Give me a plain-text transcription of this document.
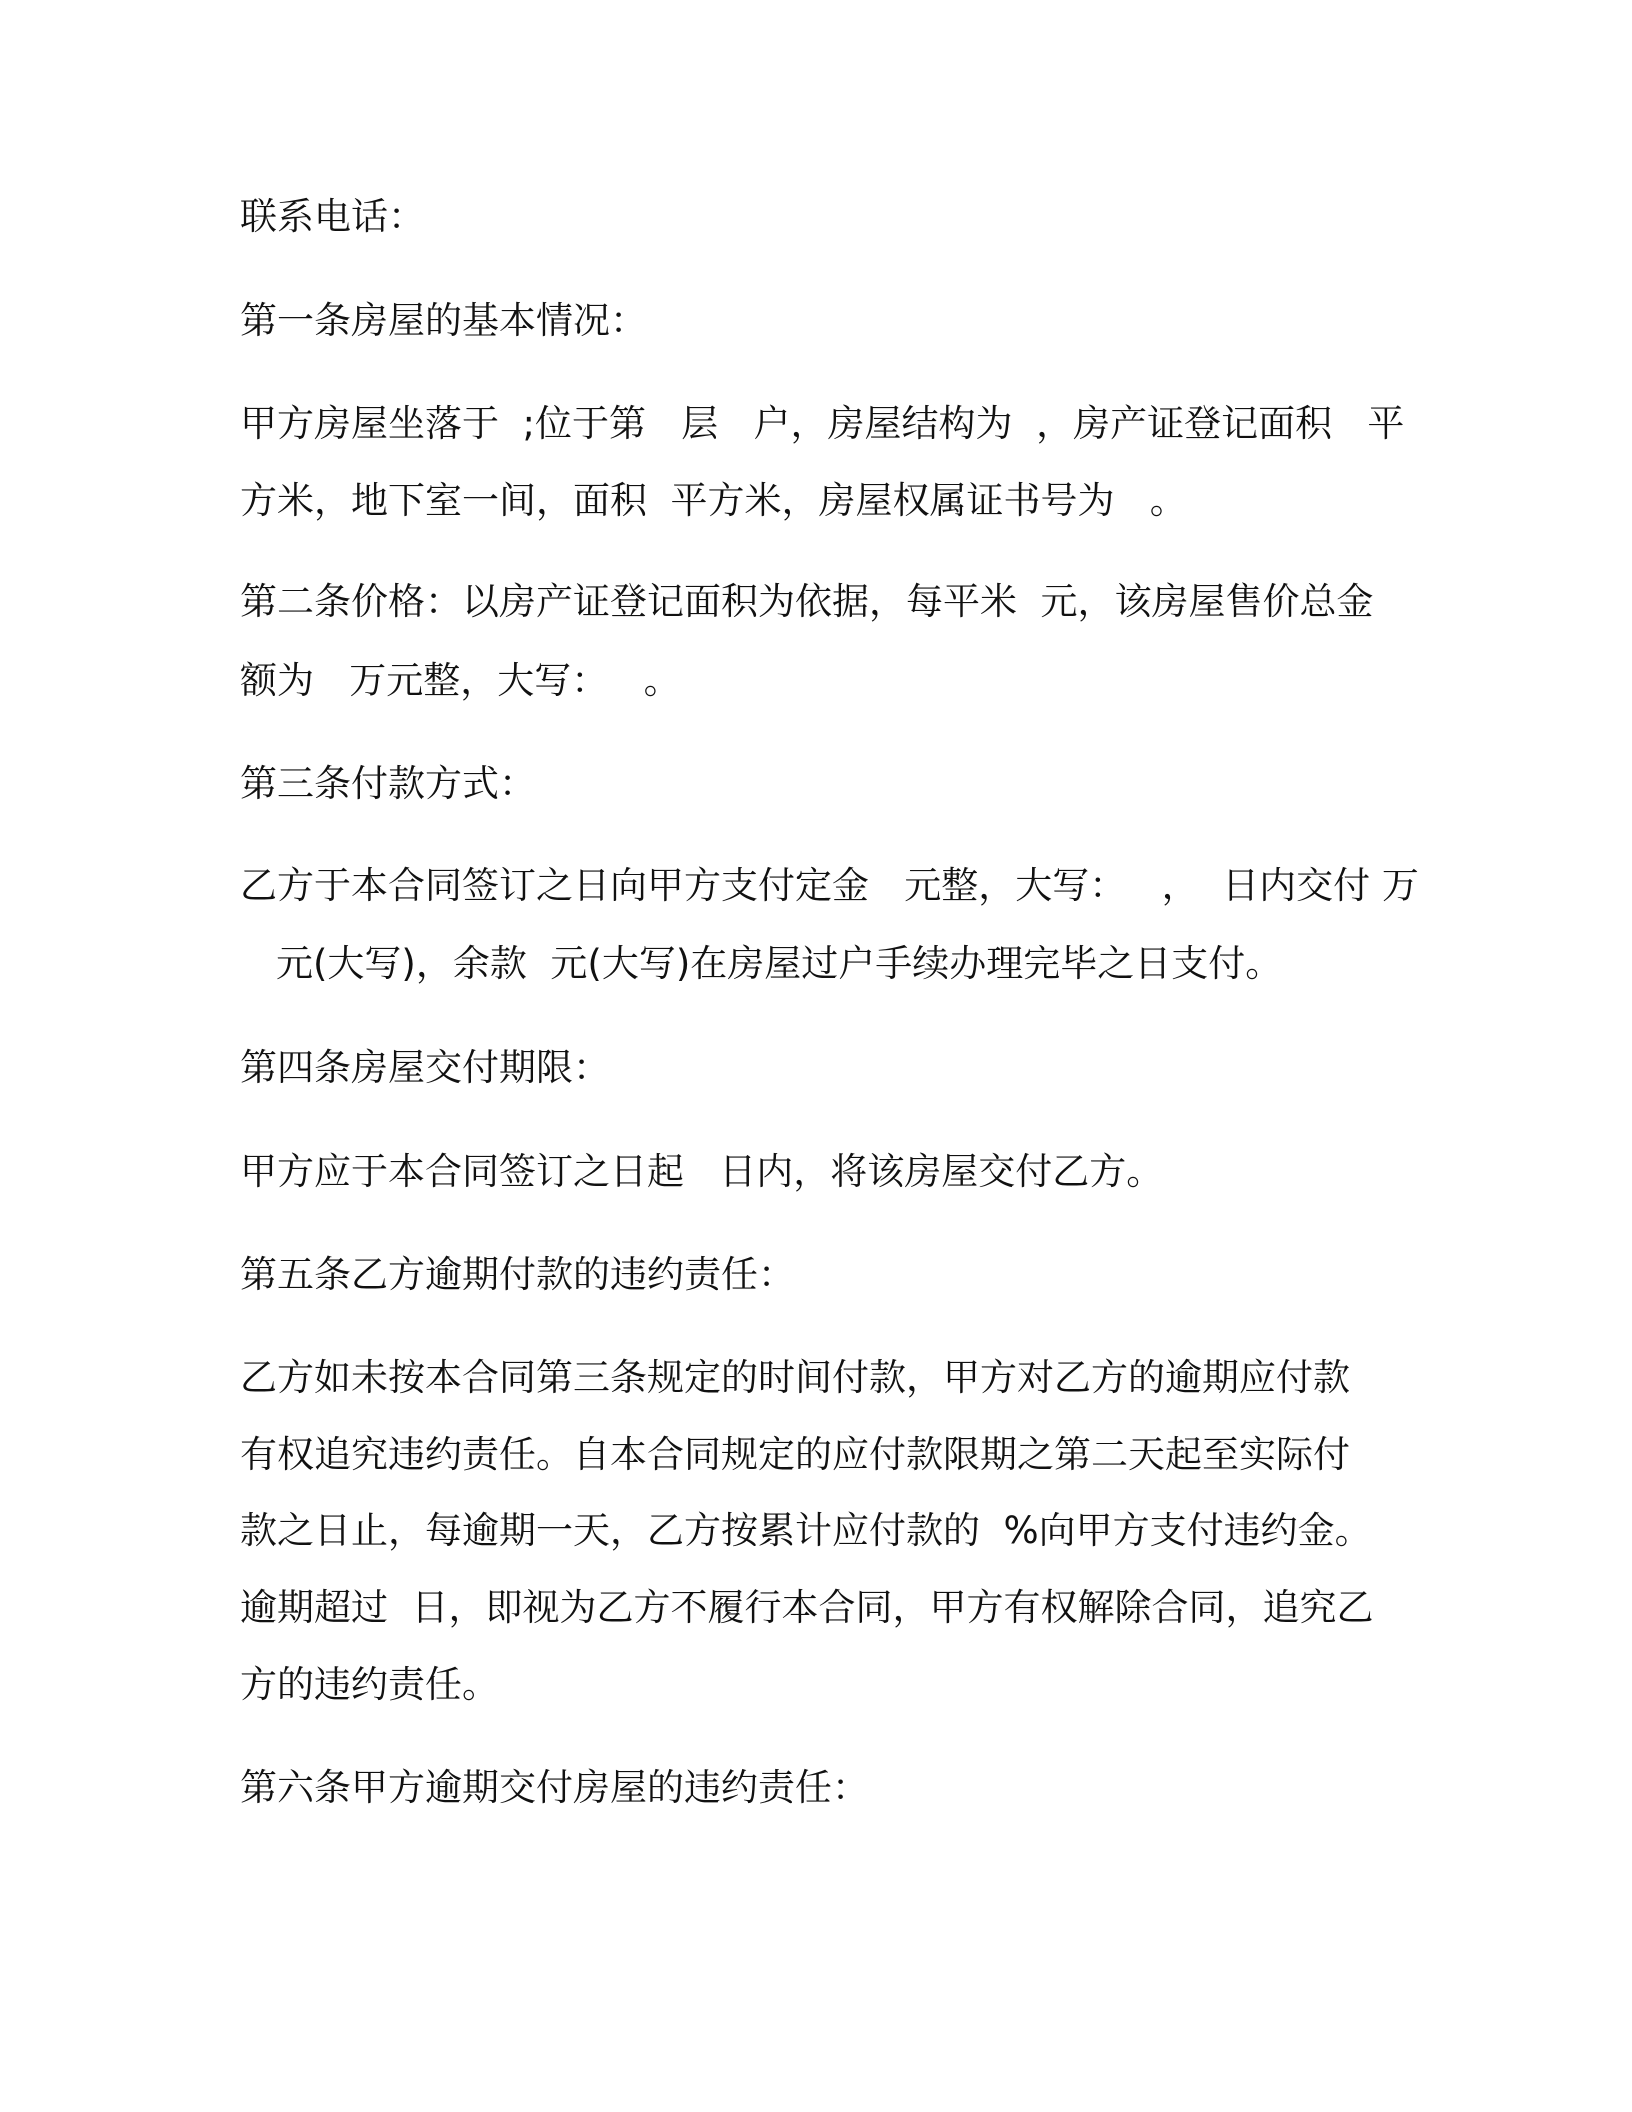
联系电话：
第一条房屋的基本情况：
甲方房屋坐落于  ;位于第   层   户，房屋结构为  ，房产证登记面积   平
方米，地下室一间，面积  平方米，房屋权属证书号为   。
第二条价格：以房产证登记面积为依据，每平米  元，该房屋售价总金
额为   万元整，大写：   。
第三条付款方式：
乙方于本合同签订之日向甲方支付定金   元整，大写：   ，  日内交付 万
元(大写)，余款  元(大写)在房屋过户手续办理完毕之日支付。
第四条房屋交付期限：
甲方应于本合同签订之日起   日内，将该房屋交付乙方。
第五条乙方逾期付款的违约责任：
乙方如未按本合同第三条规定的时间付款，甲方对乙方的逾期应付款
有权追究违约责任。自本合同规定的应付款限期之第二天起至实际付
款之日止，每逾期一天，乙方按累计应付款的  %向甲方支付违约金。
逾期超过  日，即视为乙方不履行本合同，甲方有权解除合同，追究乙
方的违约责任。
第六条甲方逾期交付房屋的违约责任：
